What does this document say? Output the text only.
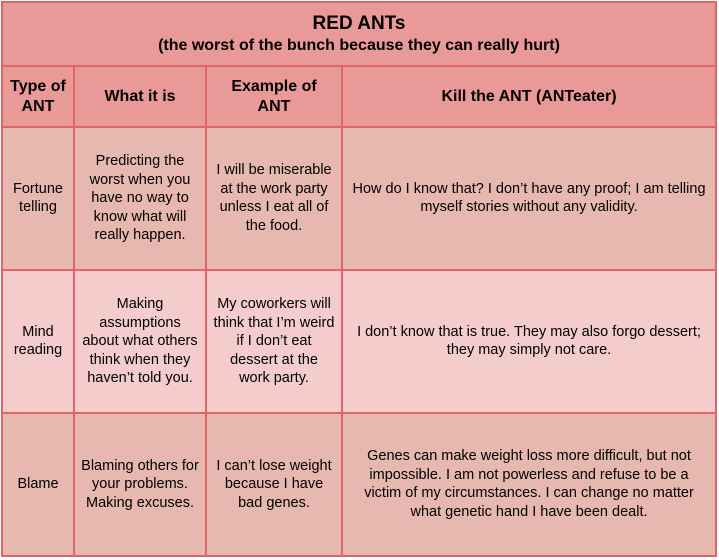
RED ANTs
(the worst of the bunch because they can really hurt)			

Type of ANT	What it is	Example of ANT	Kill the ANT (ANTeater)
Fortune telling	Predicting the worst when you have no way to know what will really happen.	I will be miserable at the work party unless I eat all of the food.	How do I know that? I don’t have any proof; I am telling myself stories without any validity.
Mind reading	Making assumptions about what others think when they haven’t told you.	My coworkers will think that I’m weird if I don’t eat dessert at the work party.	I don’t know that is true. They may also forgo dessert; they may simply not care.
Blame	Blaming others for your problems. Making excuses.	I can’t lose weight because I have bad genes.	Genes can make weight loss more difficult, but not impossible. I am not powerless and refuse to be a victim of my circumstances. I can change no matter what genetic hand I have been dealt.
